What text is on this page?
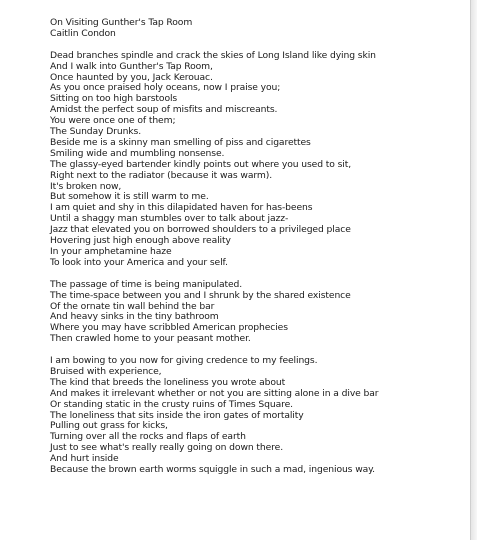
On Visiting Gunther's Tap Room
Caitlin Condon
Dead branches spindle and crack the skies of Long Island like dying skin
And I walk into Gunther's Tap Room,
Once haunted by you, Jack Kerouac.
As you once praised holy oceans, now I praise you;
Sitting on too high barstools
Amidst the perfect soup of misfits and miscreants.
You were once one of them;
The Sunday Drunks.
Beside me is a skinny man smelling of piss and cigarettes
Smiling wide and mumbling nonsense.
The glassy-eyed bartender kindly points out where you used to sit,
Right next to the radiator (because it was warm).
It's broken now,
But somehow it is still warm to me.
I am quiet and shy in this dilapidated haven for has-beens
Until a shaggy man stumbles over to talk about jazz-
Jazz that elevated you on borrowed shoulders to a privileged place
Hovering just high enough above reality
In your amphetamine haze
To look into your America and your self.
The passage of time is being manipulated.
The time-space between you and I shrunk by the shared existence
Of the ornate tin wall behind the bar
And heavy sinks in the tiny bathroom
Where you may have scribbled American prophecies
Then crawled home to your peasant mother.
I am bowing to you now for giving credence to my feelings.
Bruised with experience,
The kind that breeds the loneliness you wrote about
And makes it irrelevant whether or not you are sitting alone in a dive bar
Or standing static in the crusty ruins of Times Square.
The loneliness that sits inside the iron gates of mortality
Pulling out grass for kicks,
Turning over all the rocks and flaps of earth
Just to see what's really really going on down there.
And hurt inside
Because the brown earth worms squiggle in such a mad, ingenious way.
